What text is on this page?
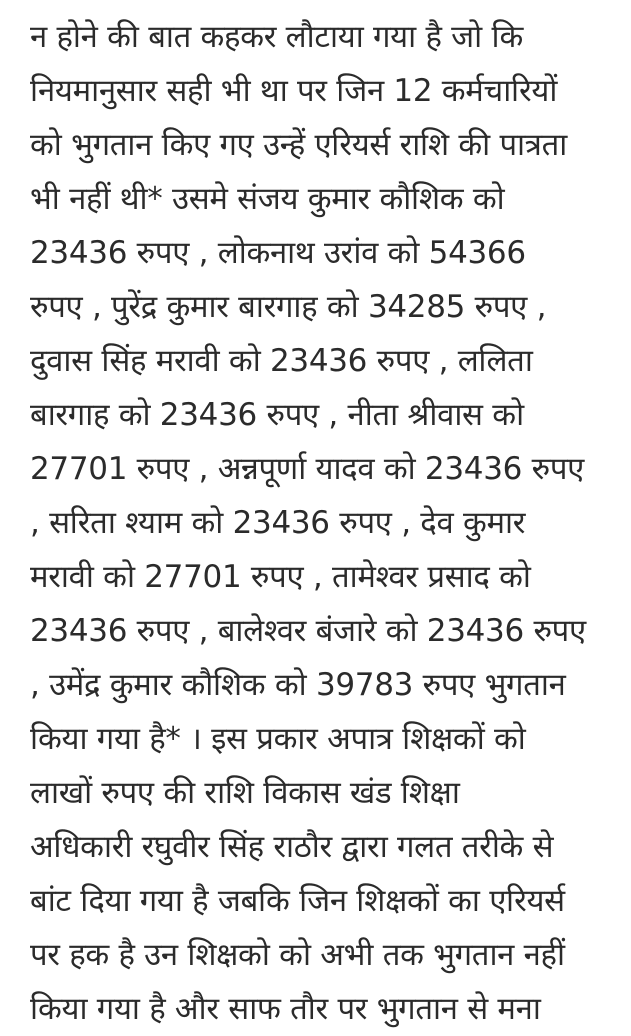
न होने की बात कहकर लौटाया गया है जो कि
नियमानुसार सही भी था पर जिन 12 कर्मचारियों
को भुगतान किए गए उन्हें एरियर्स राशि की पात्रता
भी नहीं थी* उसमे संजय कुमार कौशिक को
23436 रुपए , लोकनाथ उरांव को 54366
रुपए , पुरेंद्र कुमार बारगाह को 34285 रुपए ,
दुवास सिंह मरावी को 23436 रुपए , ललिता
बारगाह को 23436 रुपए , नीता श्रीवास को
27701 रुपए , अन्नपूर्णा यादव को 23436 रुपए
, सरिता श्याम को 23436 रुपए , देव कुमार
मरावी को 27701 रुपए , तामेश्वर प्रसाद को
23436 रुपए , बालेश्वर बंजारे को 23436 रुपए
, उमेंद्र कुमार कौशिक को 39783 रुपए भुगतान
किया गया है* । इस प्रकार अपात्र शिक्षकों को
लाखों रुपए की राशि विकास खंड शिक्षा
अधिकारी रघुवीर सिंह राठौर द्वारा गलत तरीके से
बांट दिया गया है जबकि जिन शिक्षकों का एरियर्स
पर हक है उन शिक्षको को अभी तक भुगतान नहीं
किया गया है और साफ तौर पर भुगतान से मना
